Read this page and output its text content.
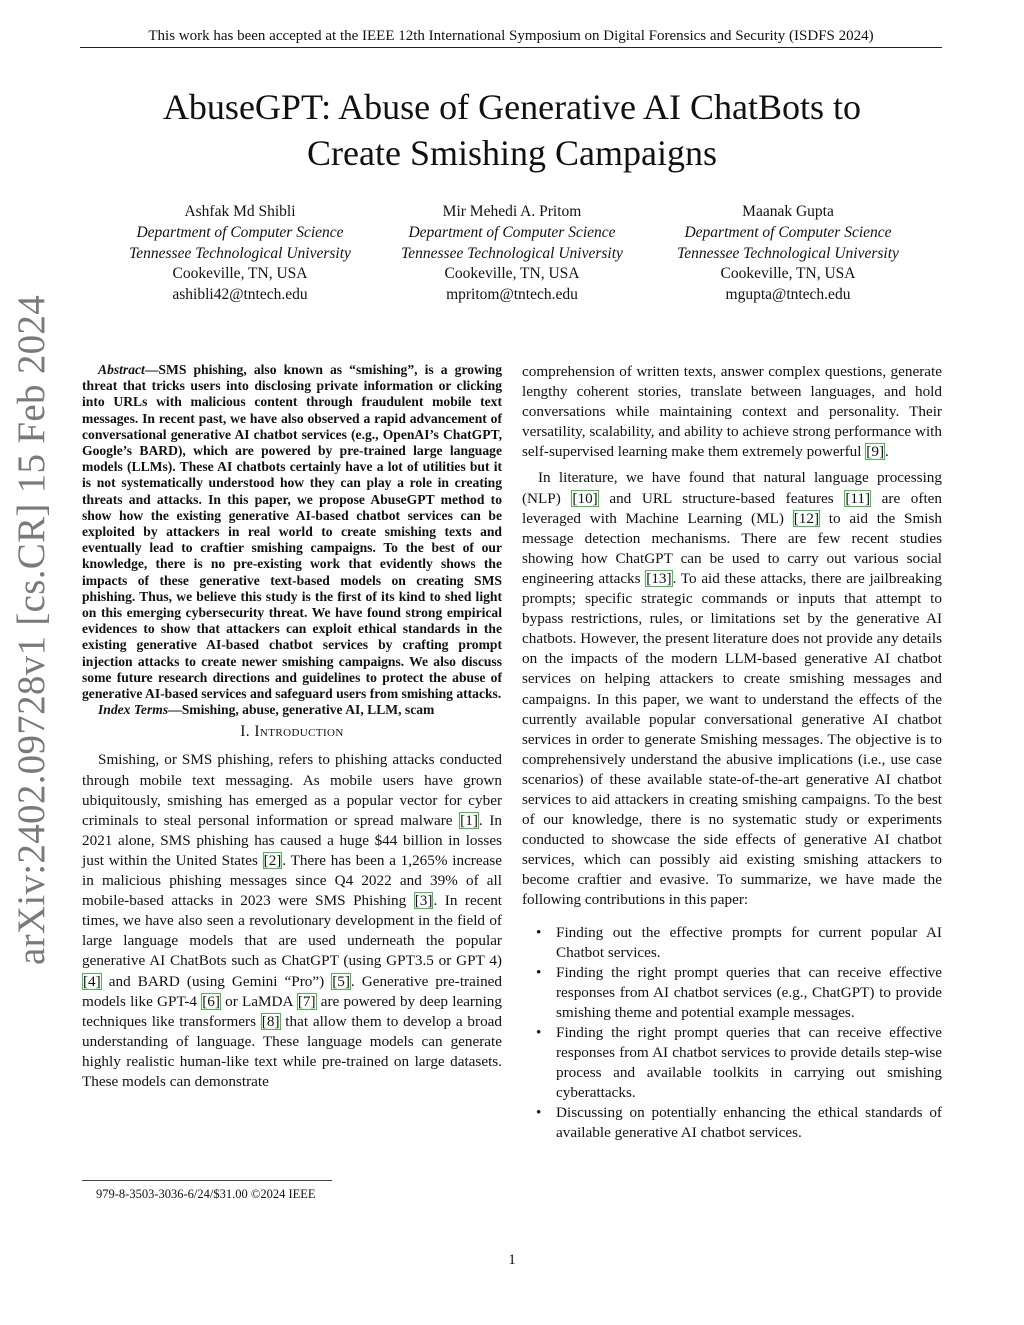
This work has been accepted at the IEEE 12th International Symposium on Digital Forensics and Security (ISDFS 2024)
AbuseGPT: Abuse of Generative AI ChatBots to
Create Smishing Campaigns
Ashfak Md Shibli
Department of Computer Science
Tennessee Technological University
Cookeville, TN, USA
ashibli42@tntech.edu
Mir Mehedi A. Pritom
Department of Computer Science
Tennessee Technological University
Cookeville, TN, USA
mpritom@tntech.edu
Maanak Gupta
Department of Computer Science
Tennessee Technological University
Cookeville, TN, USA
mgupta@tntech.edu
arXiv:2402.09728v1 [cs.CR] 15 Feb 2024	Abstract—SMS phishing, also known as “smishing”, is a growing threat that tricks users into disclosing private information or clicking into URLs with malicious content through fraudulent mobile text messages. In recent past, we have also observed a rapid advancement of conversational generative AI chatbot services (e.g., OpenAI’s ChatGPT, Google’s BARD), which are powered by pre-trained large language models (LLMs). These AI chatbots certainly have a lot of utilities but it is not systematically understood how they can play a role in creating threats and attacks. In this paper, we propose AbuseGPT method to show how the existing generative AI-based chatbot services can be exploited by attackers in real world to create smishing texts and eventually lead to craftier smishing campaigns. To the best of our knowledge, there is no pre-existing work that evidently shows the impacts of these generative text-based models on creating SMS phishing. Thus, we believe this study is the first of its kind to shed light on this emerging cybersecurity threat. We have found strong empirical evidences to show that attackers can exploit ethical standards in the existing generative AI-based chatbot services by crafting prompt injection attacks to create newer smishing campaigns. We also discuss some future research directions and guidelines to protect the abuse of generative AI-based services and safeguard users from smishing attacks.

Index Terms—Smishing, abuse, generative AI, LLM, scam

I. Introduction

Smishing, or SMS phishing, refers to phishing attacks conducted through mobile text messaging. As mobile users have grown ubiquitously, smishing has emerged as a popular vector for cyber criminals to steal personal information or spread malware [1]. In 2021 alone, SMS phishing has caused a huge $44 billion in losses just within the United States [2]. There has been a 1,265% increase in malicious phishing messages since Q4 2022 and 39% of all mobile-based attacks in 2023 were SMS Phishing [3]. In recent times, we have also seen a revolutionary development in the field of large language models that are used underneath the popular generative AI ChatBots such as ChatGPT (using GPT3.5 or GPT 4) [4] and BARD (using Gemini “Pro”) [5]. Generative pre-trained models like GPT-4 [6] or LaMDA [7] are powered by deep learning techniques like transformers [8] that allow them to develop a broad understanding of language. These language models can generate highly realistic human-like text while pre-trained on large datasets. These models can demonstrate

comprehension of written texts, answer complex questions, generate lengthy coherent stories, translate between languages, and hold conversations while maintaining context and personality. Their versatility, scalability, and ability to achieve strong performance with self-supervised learning make them extremely powerful [9].

In literature, we have found that natural language processing (NLP) [10] and URL structure-based features [11] are often leveraged with Machine Learning (ML) [12] to aid the Smish message detection mechanisms. There are few recent studies showing how ChatGPT can be used to carry out various social engineering attacks [13]. To aid these attacks, there are jailbreaking prompts; specific strategic commands or inputs that attempt to bypass restrictions, rules, or limitations set by the generative AI chatbots. However, the present literature does not provide any details on the impacts of the modern LLM-based generative AI chatbot services on helping attackers to create smishing messages and campaigns. In this paper, we want to understand the effects of the currently available popular conversational generative AI chatbot services in order to generate Smishing messages. The objective is to comprehensively understand the abusive implications (i.e., use case scenarios) of these available state-of-the-art generative AI chatbot services to aid attackers in creating smishing campaigns. To the best of our knowledge, there is no systematic study or experiments conducted to showcase the side effects of generative AI chatbot services, which can possibly aid existing smishing attackers to become craftier and evasive. To summarize, we have made the following contributions in this paper:

• Finding out the effective prompts for current popular AI Chatbot services.
• Finding the right prompt queries that can receive effective responses from AI chatbot services (e.g., ChatGPT) to provide smishing theme and potential example messages.
• Finding the right prompt queries that can receive effective responses from AI chatbot services to provide details step-wise process and available toolkits in carrying out smishing cyberattacks.
• Discussing on potentially enhancing the ethical standards of available generative AI chatbot services.
979-8-3503-3036-6/24/$31.00 ©2024 IEEE
1
